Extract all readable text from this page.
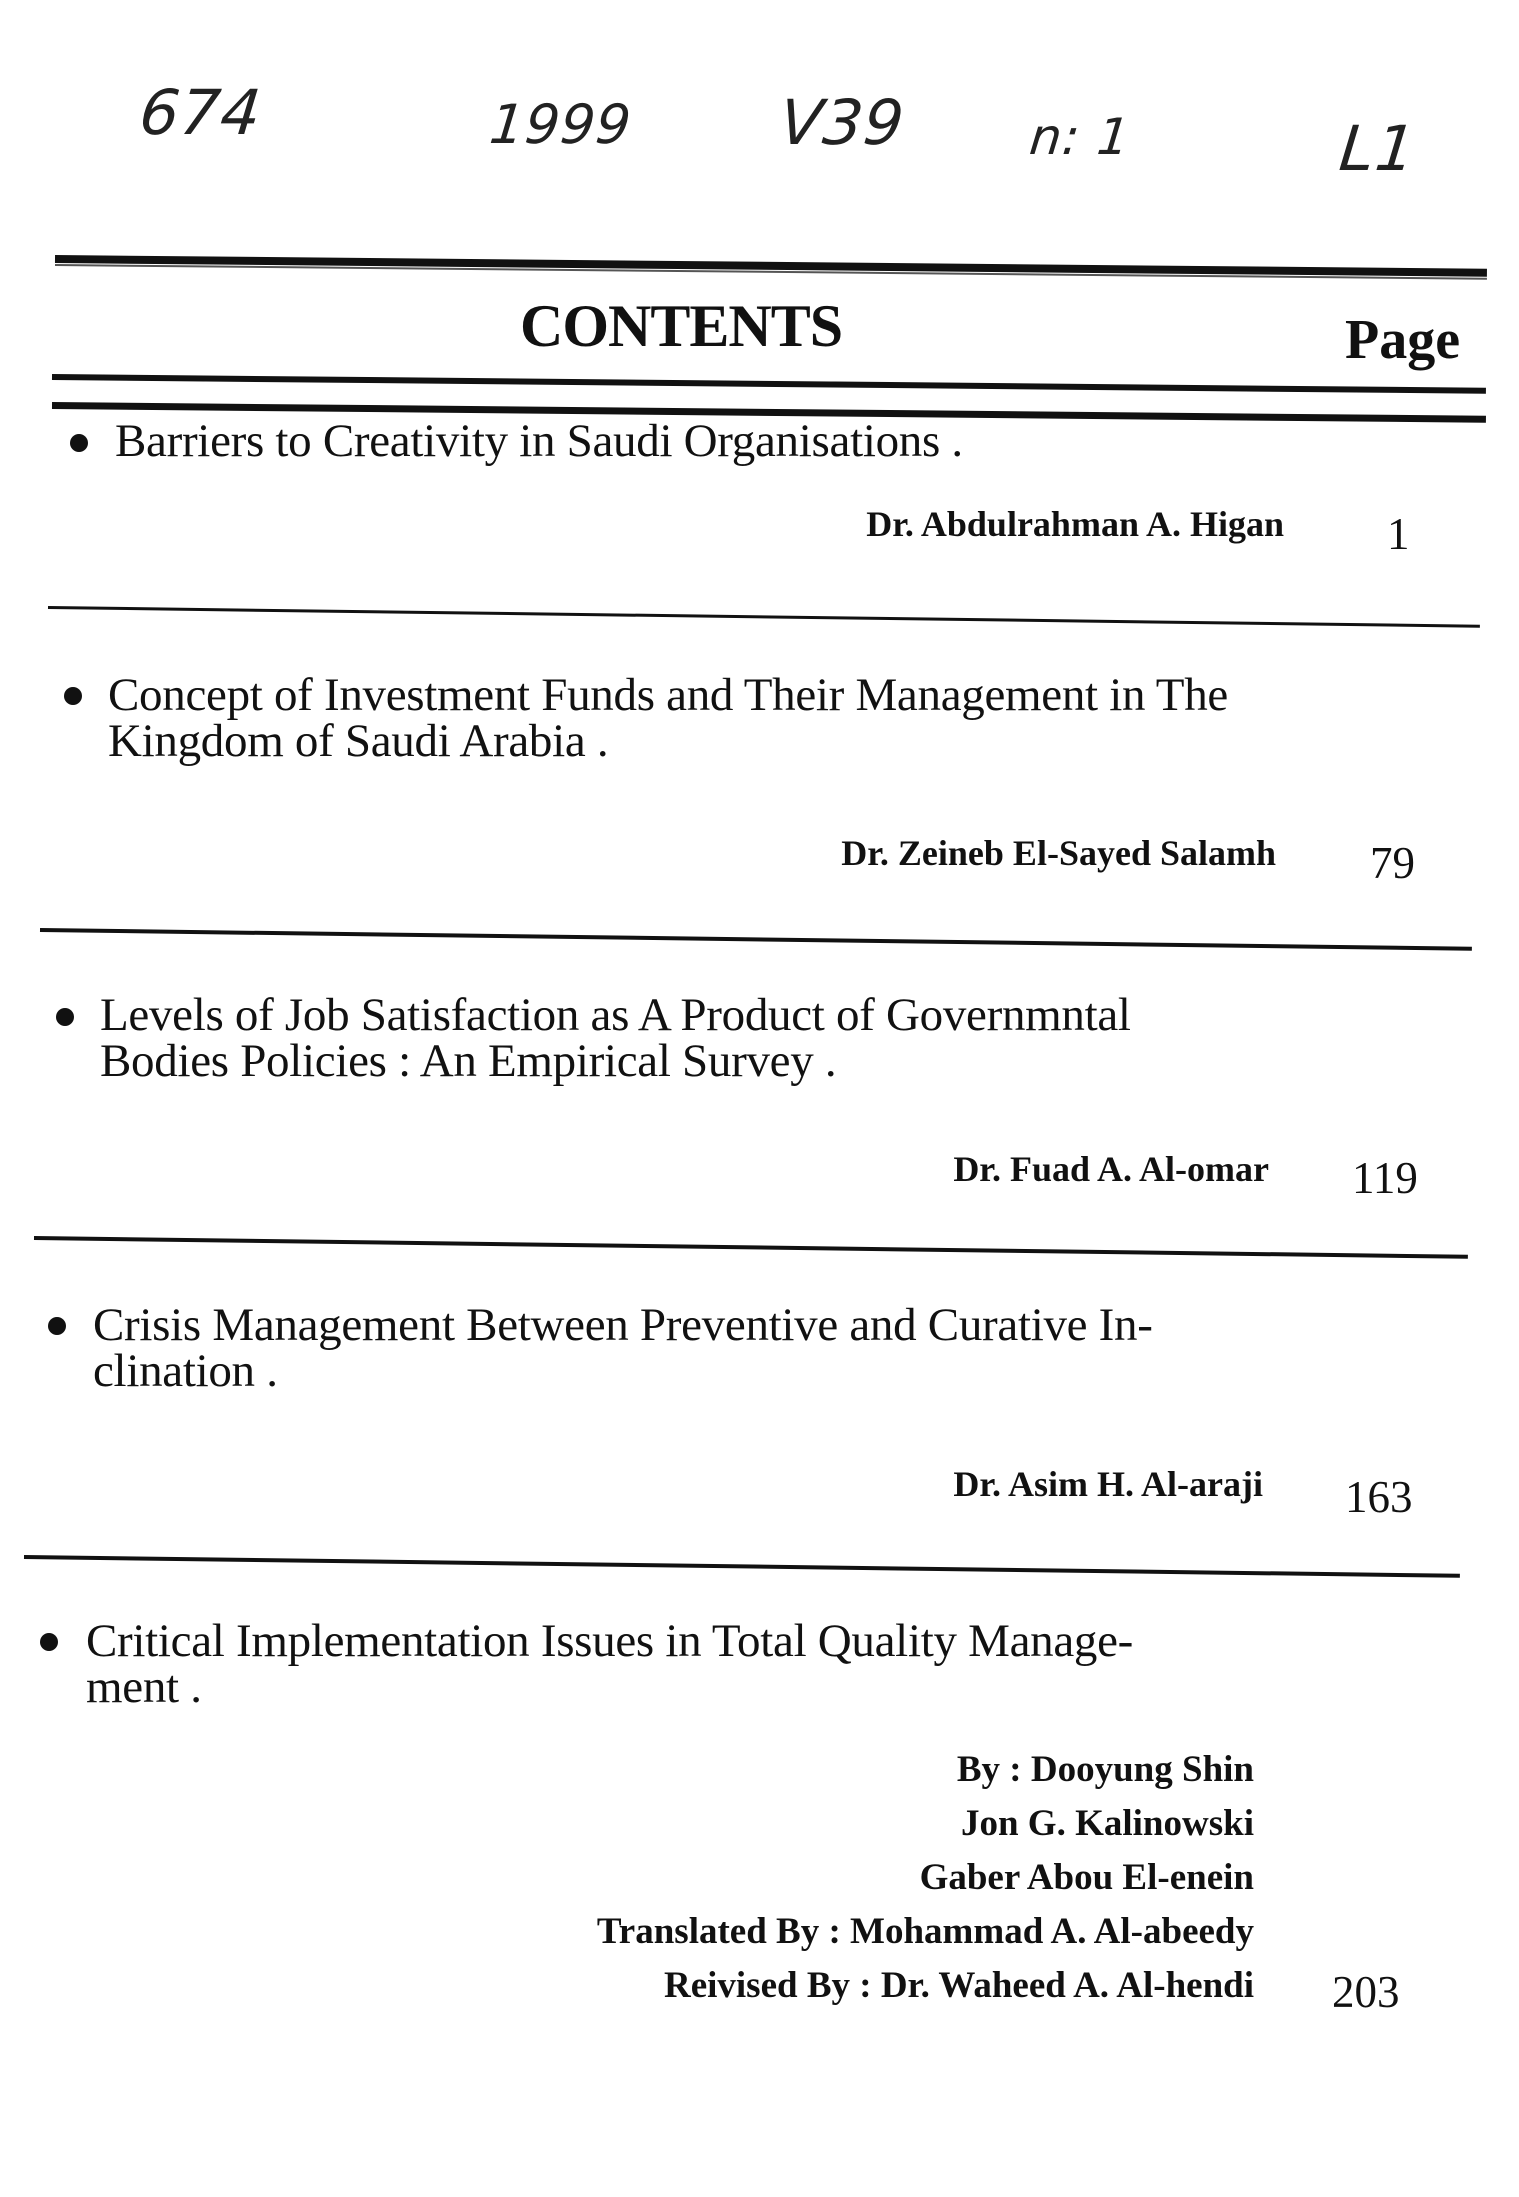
674	1999 V39 n: 1	L1
CONTENTS	Page
Barriers to Creativity in Saudi Organisations .
Dr. Abdulrahman A. Higan 1
Concept of Investment Funds and Their Management in The
Kingdom of Saudi Arabia .
Dr. Zeineb El-Sayed Salamh 79
Levels of Job Satisfaction as A Product of Governmntal
Bodies Policies : An Empirical Survey .
Dr. Fuad A. Al-omar 119
Crisis Management Between Preventive and Curative In-
clination .
Dr. Asim H. Al-araji 163
Critical Implementation Issues in Total Quality Manage-
ment .
By : Dooyung Shin
Jon G. Kalinowski
Gaber Abou El-enein
Translated By : Mohammad A. Al-abeedy
Reivised By : Dr. Waheed A. Al-hendi 203
